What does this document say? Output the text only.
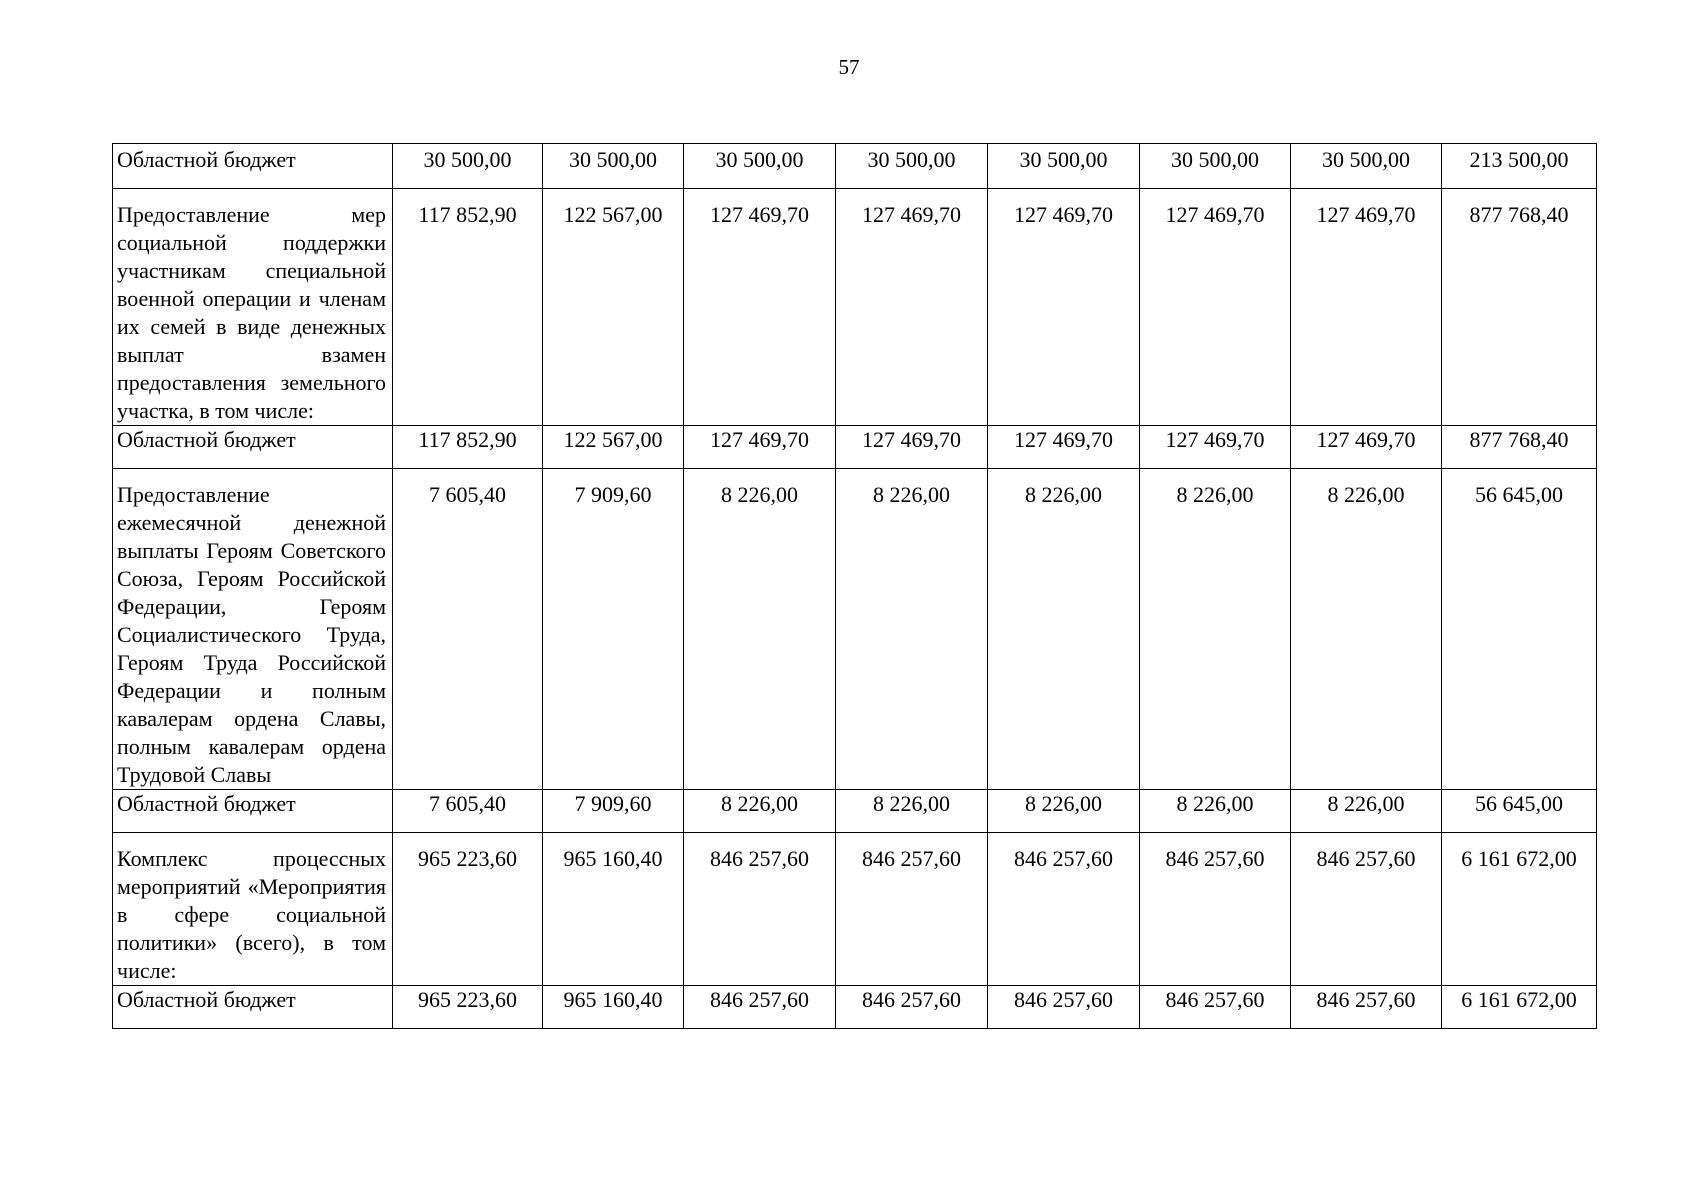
57
Областной бюджет	30 500,00	30 500,00	30 500,00	30 500,00	30 500,00	30 500,00	30 500,00	213 500,00
Предоставление мер социальной поддержки участникам специальной военной операции и членам их семей в виде денежных выплат взамен предоставления земельного участка, в том числе:	117 852,90	122 567,00	127 469,70	127 469,70	127 469,70	127 469,70	127 469,70	877 768,40
Областной бюджет	117 852,90	122 567,00	127 469,70	127 469,70	127 469,70	127 469,70	127 469,70	877 768,40
Предоставление ежемесячной денежной выплаты Героям Советского Союза, Героям Российской Федерации, Героям Социалистического Труда, Героям Труда Российской Федерации и полным кавалерам ордена Славы, полным кавалерам ордена Трудовой Славы	7 605,40	7 909,60	8 226,00	8 226,00	8 226,00	8 226,00	8 226,00	56 645,00
Областной бюджет	7 605,40	7 909,60	8 226,00	8 226,00	8 226,00	8 226,00	8 226,00	56 645,00
Комплекс процессных мероприятий «Мероприятия в сфере социальной политики» (всего), в том числе:	965 223,60	965 160,40	846 257,60	846 257,60	846 257,60	846 257,60	846 257,60	6 161 672,00
Областной бюджет	965 223,60	965 160,40	846 257,60	846 257,60	846 257,60	846 257,60	846 257,60	6 161 672,00
